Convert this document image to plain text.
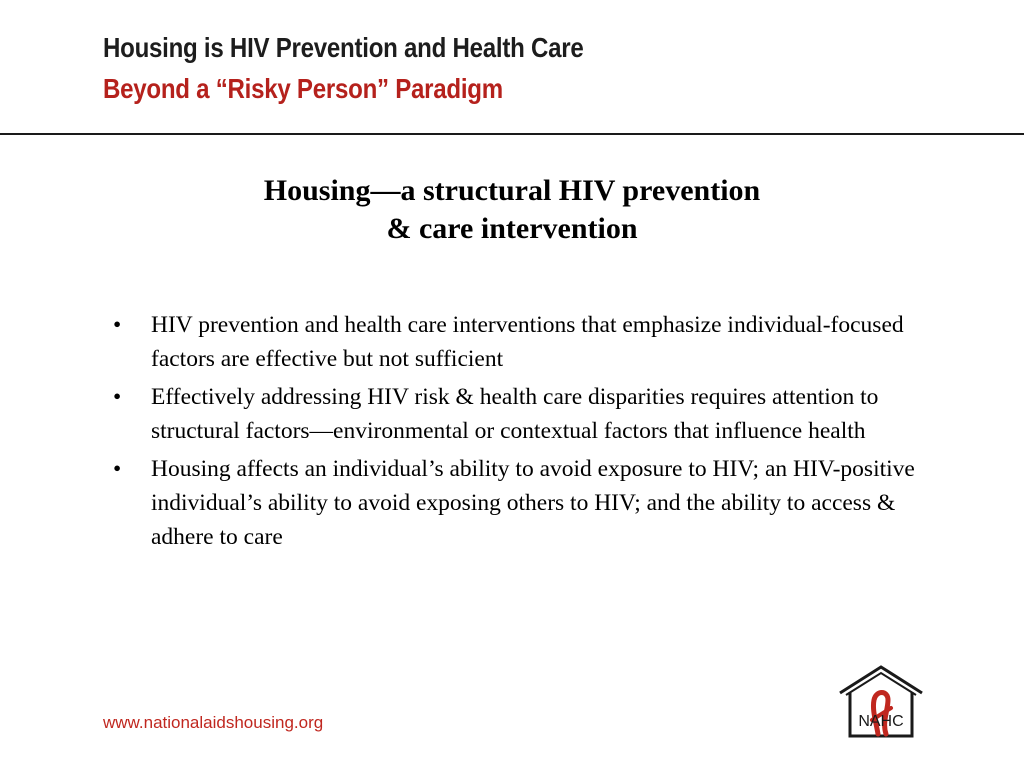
Housing is HIV Prevention and Health Care
Beyond a “Risky Person” Paradigm
Housing—a structural HIV prevention
& care intervention
• HIV prevention and health care interventions that emphasize individual-focused factors are effective but not sufficient
• Effectively addressing HIV risk & health care disparities requires attention to structural factors—environmental or contextual factors that influence health
• Housing affects an individual’s ability to avoid exposure to HIV; an HIV-positive individual’s ability to avoid exposing others to HIV; and the ability to access & adhere to care
www.nationalaidshousing.org	NAHC
